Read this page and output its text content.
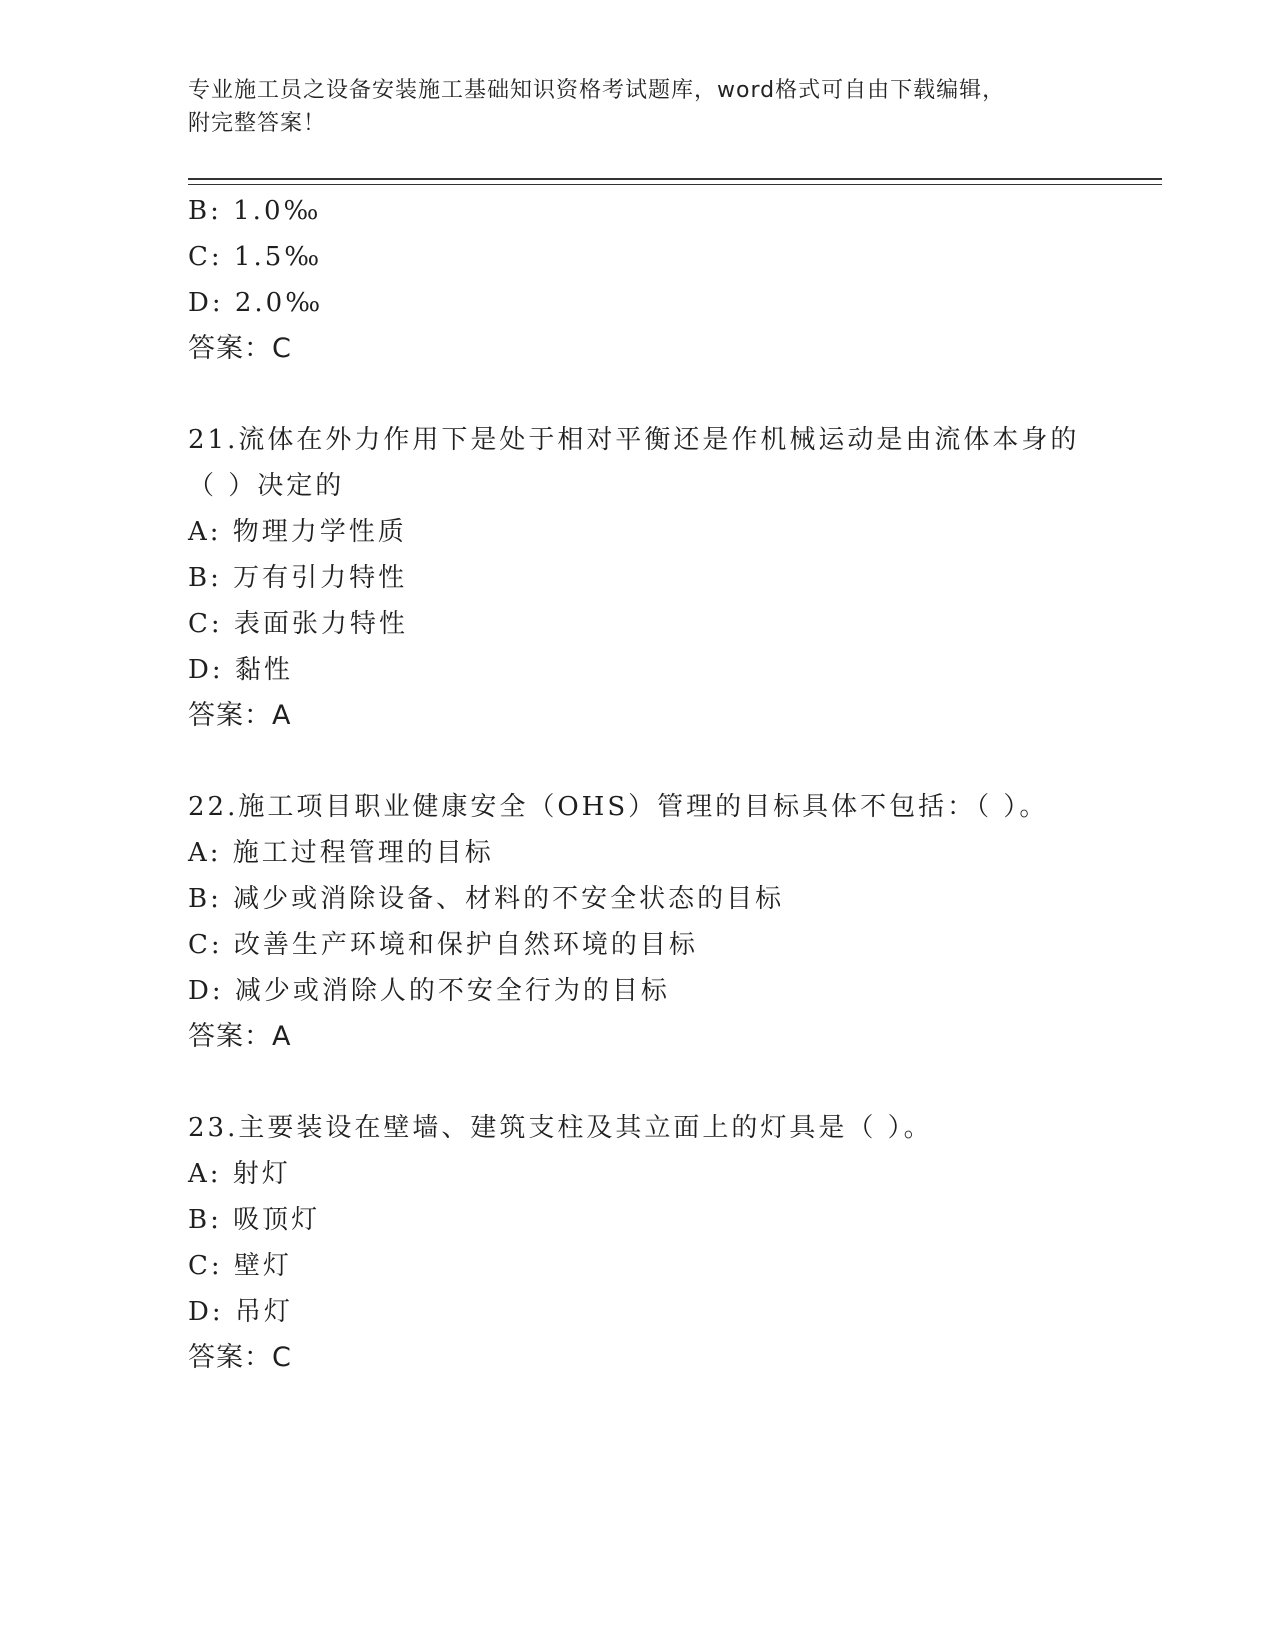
专业施工员之设备安装施工基础知识资格考试题库，word格式可自由下载编辑，
附完整答案！
B: 1.0‰
C: 1.5‰
D: 2.0‰
答案：C
21.流体在外力作用下是处于相对平衡还是作机械运动是由流体本身的
（ ）决定的
A: 物理力学性质
B: 万有引力特性
C: 表面张力特性
D: 黏性
答案：A
22.施工项目职业健康安全（OHS）管理的目标具体不包括：（ ）。
A: 施工过程管理的目标
B: 减少或消除设备、材料的不安全状态的目标
C: 改善生产环境和保护自然环境的目标
D: 减少或消除人的不安全行为的目标
答案：A
23.主要装设在壁墙、建筑支柱及其立面上的灯具是（ ）。
A: 射灯
B: 吸顶灯
C: 壁灯
D: 吊灯
答案：C
